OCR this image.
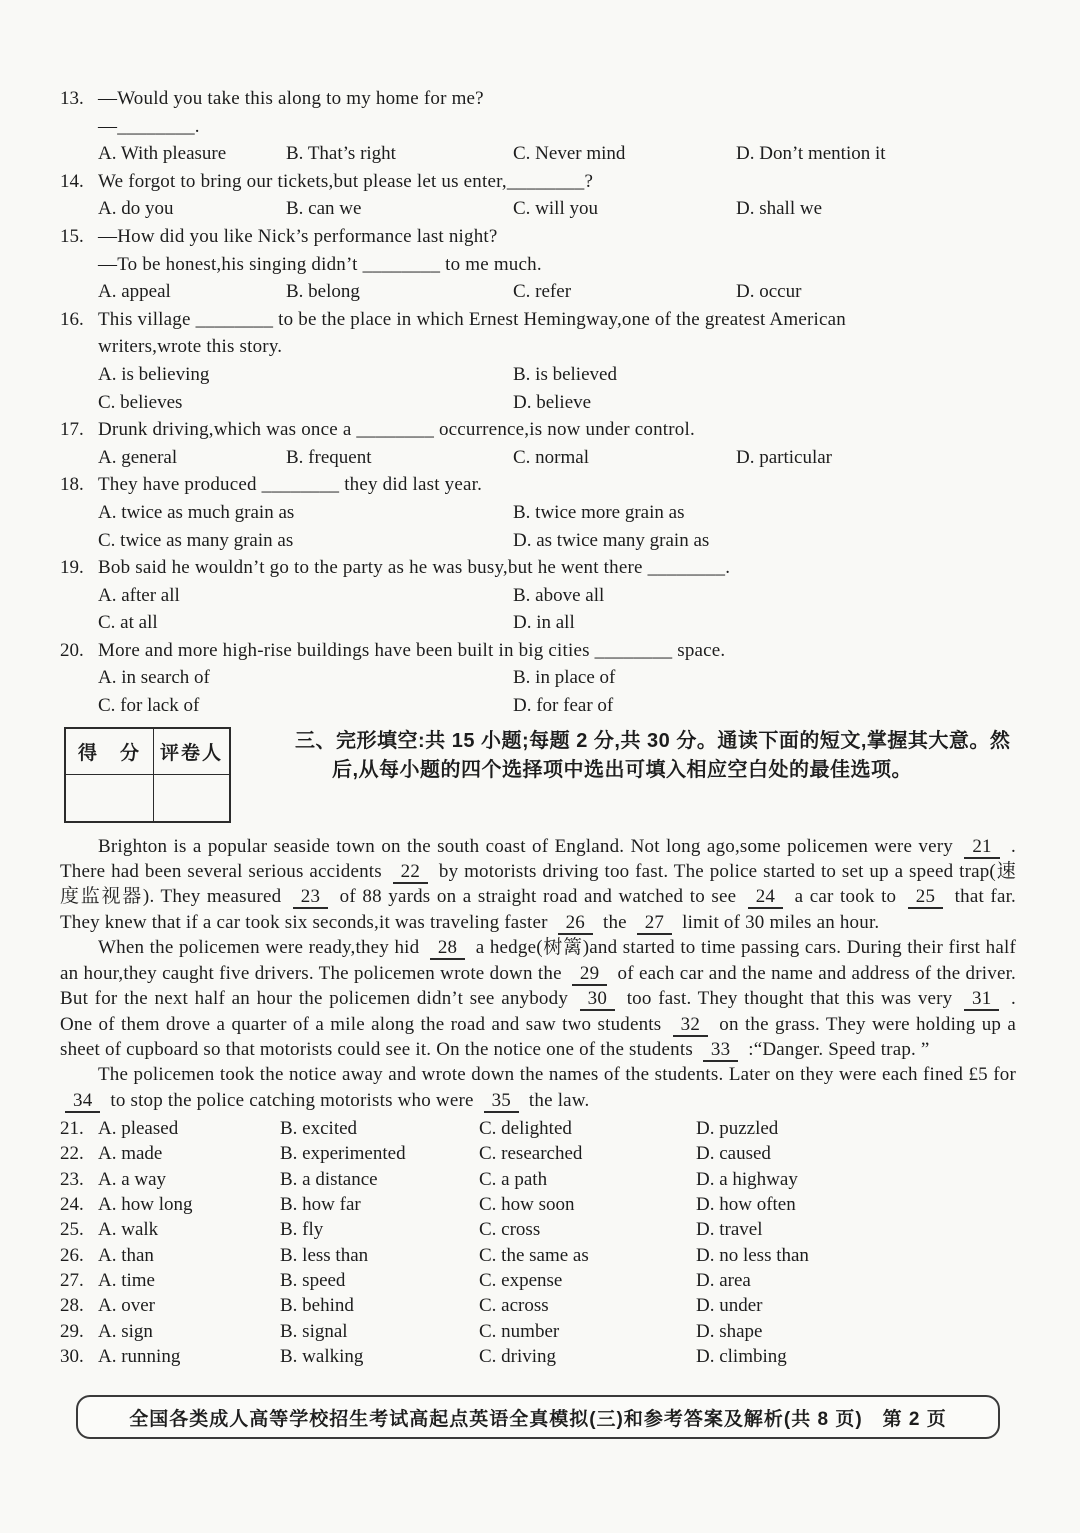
13. —Would you take this along to my home for me?
—________.
A. With pleasure	B. That’s right	C. Never mind	D. Don’t mention it
14. We forgot to bring our tickets,but please let us enter,________?
A. do you	B. can we	C. will you	D. shall we
15. —How did you like Nick’s performance last night?
—To be honest,his singing didn’t ________ to me much.
A. appeal	B. belong	C. refer	D. occur
16. This village ________ to be the place in which Ernest Hemingway,one of the greatest American
writers,wrote this story.
A. is believing	B. is believed
C. believes	D. believe
17. Drunk driving,which was once a ________ occurrence,is now under control.
A. general	B. frequent	C. normal	D. particular
18. They have produced ________ they did last year.
A. twice as much grain as	B. twice more grain as
C. twice as many grain as	D. as twice many grain as
19. Bob said he wouldn’t go to the party as he was busy,but he went there ________.
A. after all	B. above all
C. at all	D. in all
20. More and more high-rise buildings have been built in big cities ________ space.
A. in search of	B. in place of
C. for lack of	D. for fear of
得　分 评卷人
三、完形填空:共 15 小题;每题 2 分,共 30 分。通读下面的短文,掌握其大意。然后,从每小题的四个选择项中选出可填入相应空白处的最佳选项。

Brighton is a popular seaside town on the south coast of England. Not long ago,some policemen were very 21 . There had been several serious accidents 22 by motorists driving too fast. The police started to set up a speed trap(速度监视器). They measured 23 of 88 yards on a straight road and watched to see 24 a car took to 25 that far. They knew that if a car took six seconds,it was traveling faster 26 the 27 limit of 30 miles an hour.

When the policemen were ready,they hid 28 a hedge(树篱)and started to time passing cars. During their first half an hour,they caught five drivers. The policemen wrote down the 29 of each car and the name and address of the driver. But for the next half an hour the policemen didn’t see anybody 30 too fast. They thought that this was very 31 . One of them drove a quarter of a mile along the road and saw two students 32 on the grass. They were holding up a sheet of cupboard so that motorists could see it. On the notice one of the students 33 :“Danger. Speed trap. ”

The policemen took the notice away and wrote down the names of the students. Later on they were each fined £5 for 34 to stop the police catching motorists who were 35 the law.

21. A. pleased	B. excited	C. delighted	D. puzzled
22. A. made	B. experimented	C. researched	D. caused
23. A. a way	B. a distance	C. a path	D. a highway
24. A. how long	B. how far	C. how soon	D. how often
25. A. walk	B. fly	C. cross	D. travel
26. A. than	B. less than	C. the same as	D. no less than
27. A. time	B. speed	C. expense	D. area
28. A. over	B. behind	C. across	D. under
29. A. sign	B. signal	C. number	D. shape
30. A. running	B. walking	C. driving	D. climbing
全国各类成人高等学校招生考试高起点英语全真模拟(三)和参考答案及解析(共 8 页)　第 2 页
